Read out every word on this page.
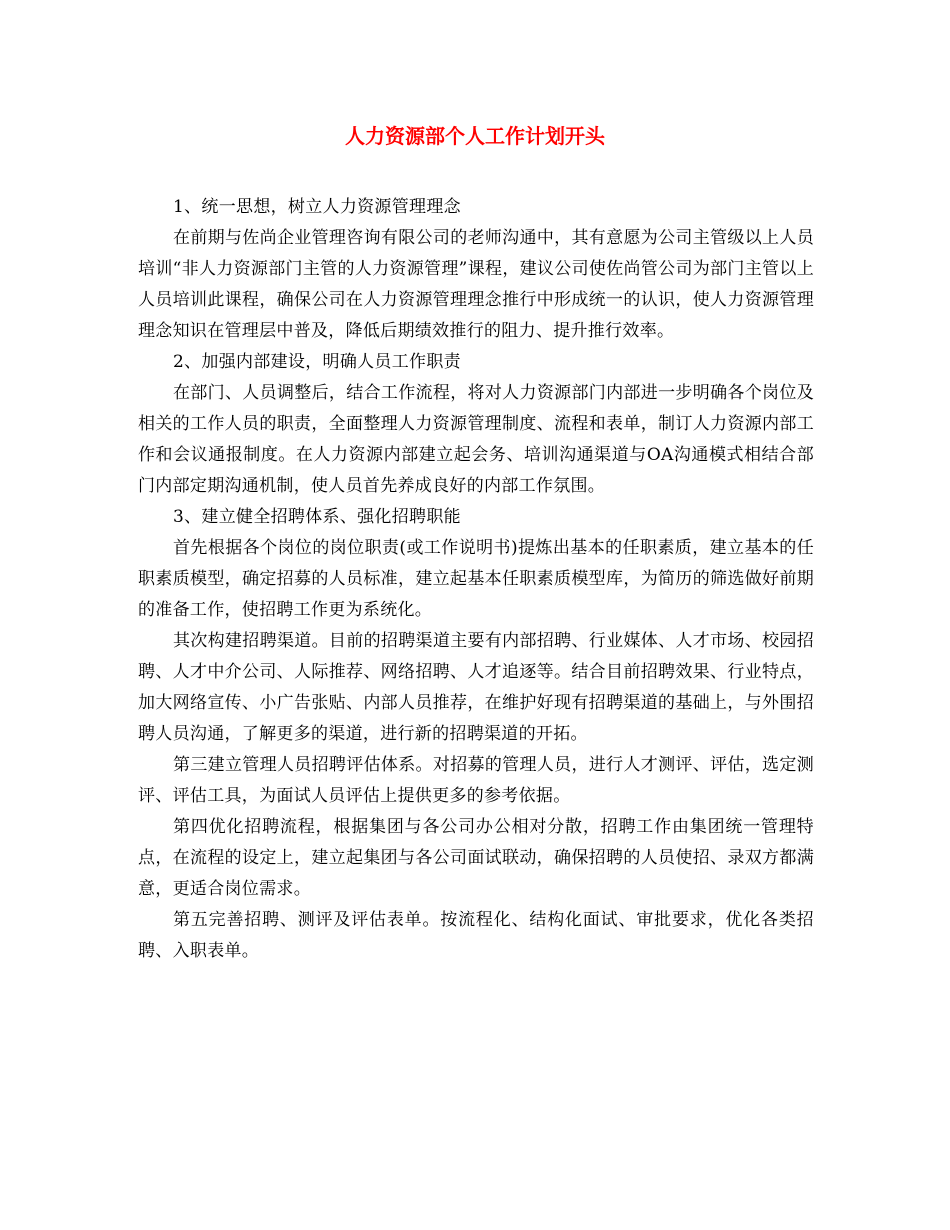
人力资源部个人工作计划开头

1、统一思想，树立人力资源管理理念

在前期与佐尚企业管理咨询有限公司的老师沟通中，其有意愿为公司主管级以上人员培训“非人力资源部门主管的人力资源管理”课程，建议公司使佐尚管公司为部门主管以上人员培训此课程，确保公司在人力资源管理理念推行中形成统一的认识，使人力资源管理理念知识在管理层中普及，降低后期绩效推行的阻力、提升推行效率。

2、加强内部建设，明确人员工作职责

在部门、人员调整后，结合工作流程，将对人力资源部门内部进一步明确各个岗位及相关的工作人员的职责，全面整理人力资源管理制度、流程和表单，制订人力资源内部工作和会议通报制度。在人力资源内部建立起会务、培训沟通渠道与OA沟通模式相结合部门内部定期沟通机制，使人员首先养成良好的内部工作氛围。

3、建立健全招聘体系、强化招聘职能

首先根据各个岗位的岗位职责(或工作说明书)提炼出基本的任职素质，建立基本的任职素质模型，确定招募的人员标准，建立起基本任职素质模型库，为简历的筛选做好前期的准备工作，使招聘工作更为系统化。

其次构建招聘渠道。目前的招聘渠道主要有内部招聘、行业媒体、人才市场、校园招聘、人才中介公司、人际推荐、网络招聘、人才追逐等。结合目前招聘效果、行业特点，加大网络宣传、小广告张贴、内部人员推荐，在维护好现有招聘渠道的基础上，与外围招聘人员沟通，了解更多的渠道，进行新的招聘渠道的开拓。

第三建立管理人员招聘评估体系。对招募的管理人员，进行人才测评、评估，选定测评、评估工具，为面试人员评估上提供更多的参考依据。

第四优化招聘流程，根据集团与各公司办公相对分散，招聘工作由集团统一管理特点，在流程的设定上，建立起集团与各公司面试联动，确保招聘的人员使招、录双方都满意，更适合岗位需求。

第五完善招聘、测评及评估表单。按流程化、结构化面试、审批要求，优化各类招聘、入职表单。
